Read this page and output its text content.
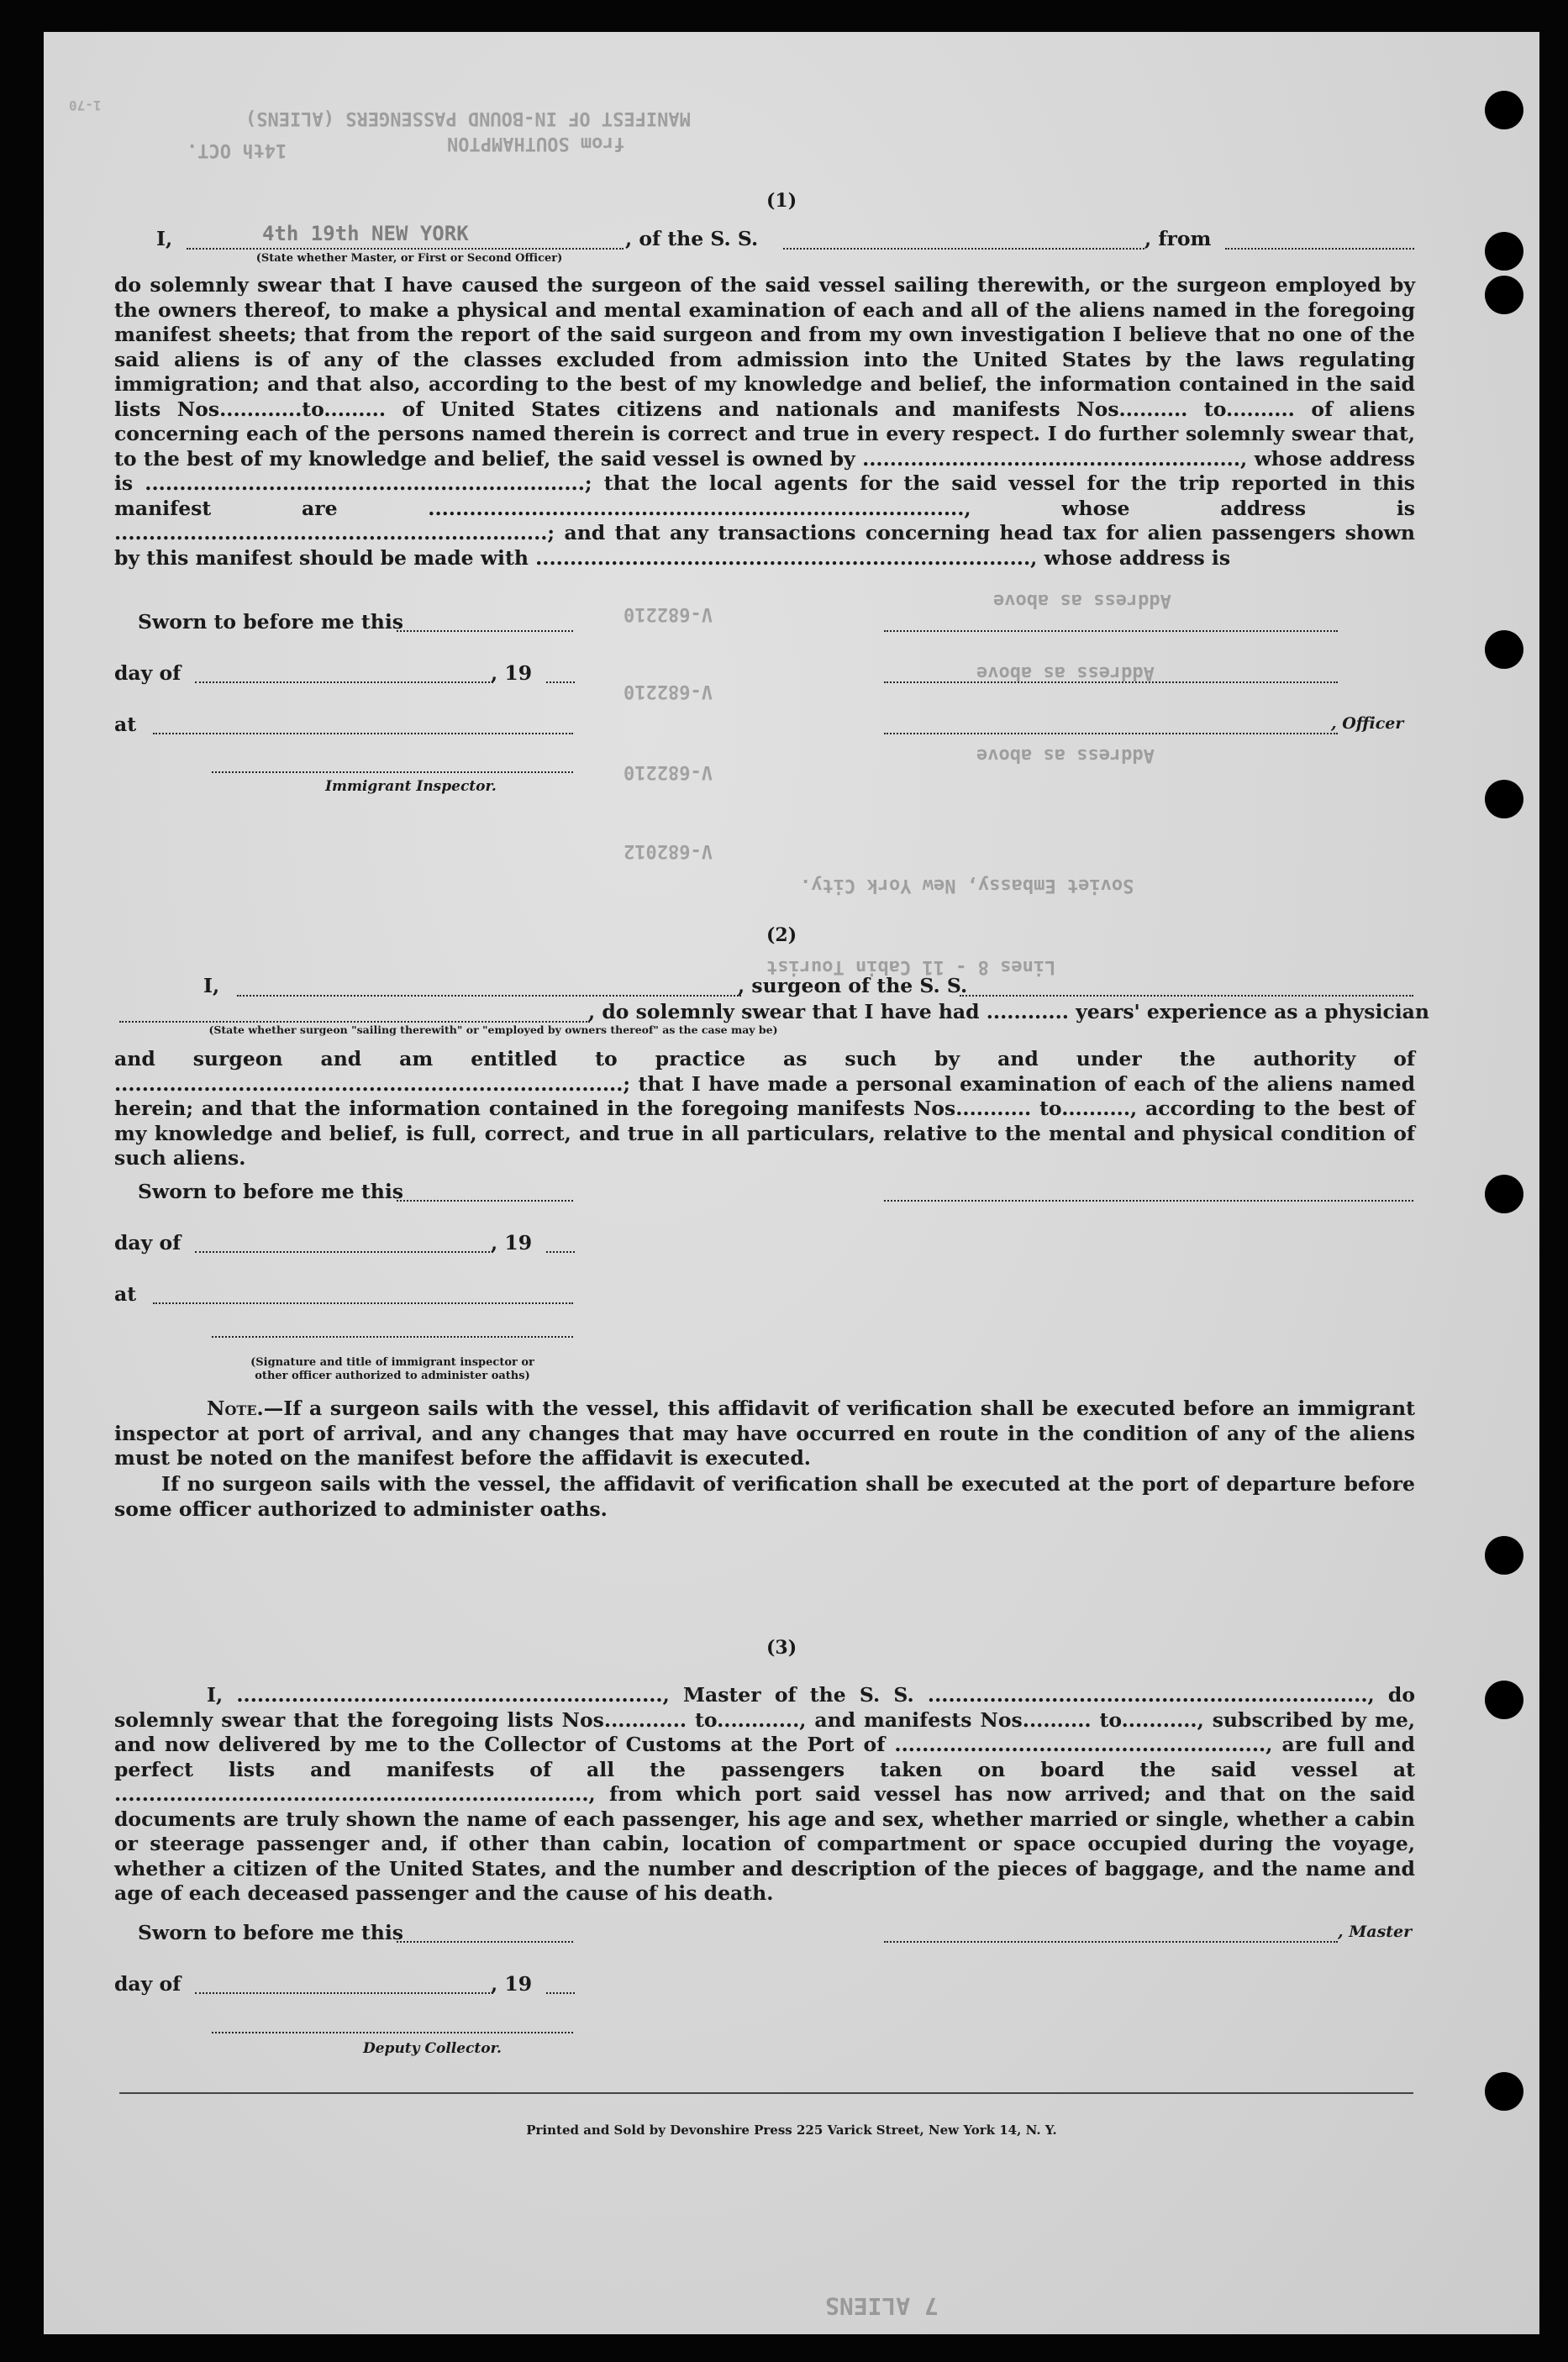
MANIFEST OF IN-BOUND PASSENGERS (ALIENS)
14th OCT.	from SOUTHAMPTON
1-70
(1)
I,	4th 19th NEW YORK	, of the S. S.	, from
(State whether Master, or First or Second Officer)

do solemnly swear that I have caused the surgeon of the said vessel sailing therewith, or the surgeon employed by the owners thereof, to make a physical and mental examination of each and all of the aliens named in the foregoing manifest sheets; that from the report of the said surgeon and from my own investigation I believe that no one of the said aliens is of any of the classes excluded from admission into the United States by the laws regulating immigration; and that also, according to the best of my knowledge and belief, the information contained in the said lists Nos............to......... of United States citizens and nationals and manifests Nos.......... to.......... of aliens concerning each of the persons named therein is correct and true in every respect. I do further solemnly swear that, to the best of my knowledge and belief, the said vessel is owned by ......................................................., whose address is ................................................................; that the local agents for the said vessel for the trip reported in this manifest are .............................................................................., whose address is ...............................................................; and that any transactions concerning head tax for alien passengers shown by this manifest should be made with ........................................................................, whose address is

Sworn to before me this
day of	, 19
at	, Officer
Immigrant Inspector.
V-682210
V-682210
V-682210
V-682012
Address as above
Address as above
Address as above
Soviet Embassy, New York City.
Lines 8 - 11 Cabin Tourist
(2)
I,	, surgeon of the S. S.
, do solemnly swear that I have had ............ years' experience as a physician
(State whether surgeon "sailing therewith" or "employed by owners thereof" as the case may be)

and surgeon and am entitled to practice as such by and under the authority of ..........................................................................; that I have made a personal examination of each of the aliens named herein; and that the information contained in the foregoing manifests Nos........... to.........., according to the best of my knowledge and belief, is full, correct, and true in all particulars, relative to the mental and physical condition of such aliens.

Sworn to before me this
day of	, 19
at
(Signature and title of immigrant inspector or
other officer authorized to administer oaths)

Note.—If a surgeon sails with the vessel, this affidavit of verification shall be executed before an immigrant inspector at port of arrival, and any changes that may have occurred en route in the condition of any of the aliens must be noted on the manifest before the affidavit is executed.

If no surgeon sails with the vessel, the affidavit of verification shall be executed at the port of departure before some officer authorized to administer oaths.

(3)

I, .............................................................., Master of the S. S. ................................................................, do solemnly swear that the foregoing lists Nos............ to............, and manifests Nos.......... to..........., subscribed by me, and now delivered by me to the Collector of Customs at the Port of ......................................................, are full and perfect lists and manifests of all the passengers taken on board the said vessel at ....................................................................., from which port said vessel has now arrived; and that on the said documents are truly shown the name of each passenger, his age and sex, whether married or single, whether a cabin or steerage passenger and, if other than cabin, location of compartment or space occupied during the voyage, whether a citizen of the United States, and the number and description of the pieces of baggage, and the name and age of each deceased passenger and the cause of his death.

Sworn to before me this	, Master
day of	, 19
Deputy Collector.
Printed and Sold by Devonshire Press 225 Varick Street, New York 14, N. Y.
7 ALIENS
